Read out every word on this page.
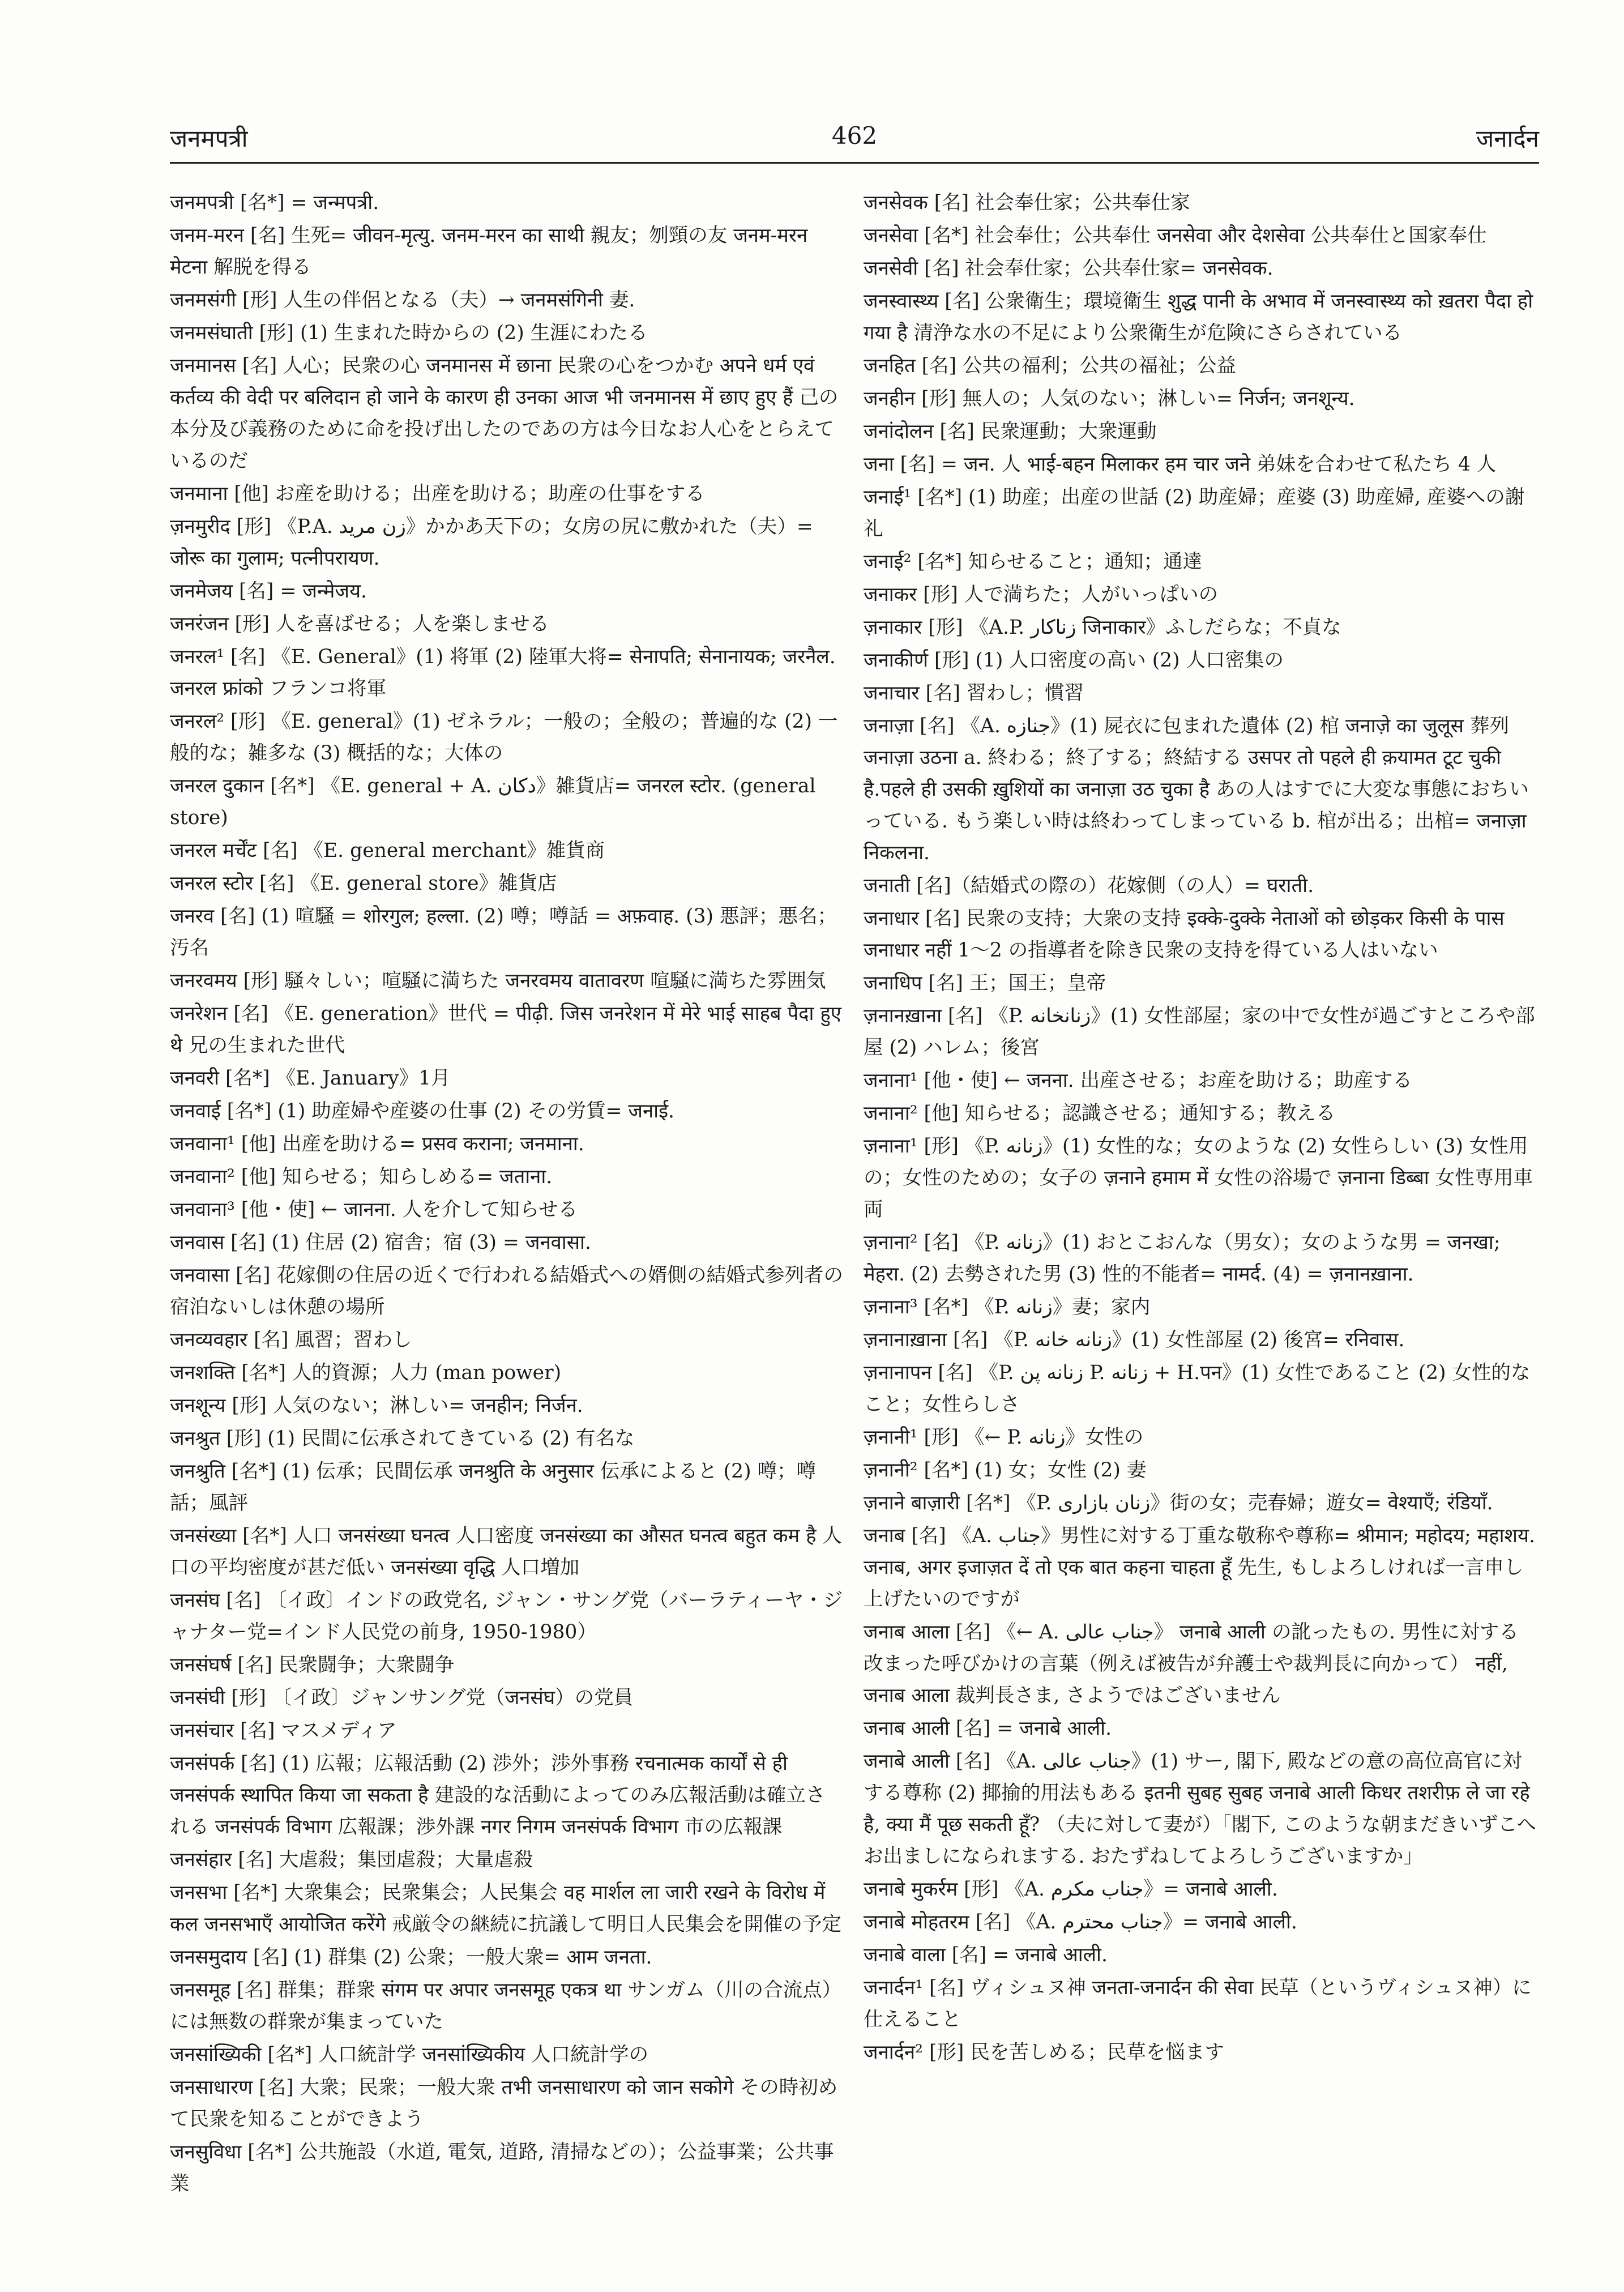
जनमपत्री	462	जनार्दन

जनमपत्री [名*] = जन्मपत्री.

जनम-मरन [名] 生死= जीवन-मृत्यु. जनम-मरन का साथी 親友；刎頸の友 जनम-मरन मेटना 解脱を得る

जनमसंगी [形] 人生の伴侶となる（夫）→ जनमसंगिनी 妻.

जनमसंघाती [形] (1) 生まれた時からの (2) 生涯にわたる

जनमानस [名] 人心；民衆の心 जनमानस में छाना 民衆の心をつかむ अपने धर्म एवं कर्तव्य की वेदी पर बलिदान हो जाने के कारण ही उनका आज भी जनमानस में छाए हुए हैं 己の本分及び義務のために命を投げ出したのであの方は今日なお人心をとらえているのだ

जनमाना [他] お産を助ける；出産を助ける；助産の仕事をする

ज़नमुरीद [形] 《P.A. زن مرید》かかあ天下の；女房の尻に敷かれた（夫）= जोरू का गुलाम; पत्नीपरायण.

जनमेजय [名] = जन्मेजय.

जनरंजन [形] 人を喜ばせる；人を楽しませる

जनरल¹ [名] 《E. General》(1) 将軍 (2) 陸軍大将= सेनापति; सेनानायक; जरनैल. जनरल फ्रांको フランコ将軍

जनरल² [形] 《E. general》(1) ゼネラル；一般の；全般の；普遍的な (2) 一般的な；雑多な (3) 概括的な；大体の

जनरल दुकान [名*] 《E. general + A. دکان》雑貨店= जनरल स्टोर. (general store)

जनरल मर्चेंट [名] 《E. general merchant》雑貨商

जनरल स्टोर [名] 《E. general store》雑貨店

जनरव [名] (1) 喧騒 = शोरगुल; हल्ला. (2) 噂；噂話 = अफ़वाह. (3) 悪評；悪名；汚名

जनरवमय [形] 騒々しい；喧騒に満ちた जनरवमय वातावरण 喧騒に満ちた雰囲気

जनरेशन [名] 《E. generation》世代 = पीढ़ी. जिस जनरेशन में मेरे भाई साहब पैदा हुए थे 兄の生まれた世代

जनवरी [名*] 《E. January》1月

जनवाई [名*] (1) 助産婦や産婆の仕事 (2) その労賃= जनाई.

जनवाना¹ [他] 出産を助ける= प्रसव कराना; जनमाना.

जनवाना² [他] 知らせる；知らしめる= जताना.

जनवाना³ [他・使] ← जानना. 人を介して知らせる

जनवास [名] (1) 住居 (2) 宿舎；宿 (3) = जनवासा.

जनवासा [名] 花嫁側の住居の近くで行われる結婚式への婿側の結婚式参列者の宿泊ないしは休憩の場所

जनव्यवहार [名] 風習；習わし

जनशक्ति [名*] 人的資源；人力 (man power)

जनशून्य [形] 人気のない；淋しい= जनहीन; निर्जन.

जनश्रुत [形] (1) 民間に伝承されてきている (2) 有名な

जनश्रुति [名*] (1) 伝承；民間伝承 जनश्रुति के अनुसार 伝承によると (2) 噂；噂話；風評

जनसंख्या [名*] 人口 जनसंख्या घनत्व 人口密度 जनसंख्या का औसत घनत्व बहुत कम है 人口の平均密度が甚だ低い जनसंख्या वृद्धि 人口増加

जनसंघ [名] 〔イ政〕インドの政党名, ジャン・サング党（バーラティーヤ・ジャナター党=インド人民党の前身, 1950-1980）

जनसंघर्ष [名] 民衆闘争；大衆闘争

जनसंघी [形] 〔イ政〕ジャンサング党（जनसंघ）の党員

जनसंचार [名] マスメディア

जनसंपर्क [名] (1) 広報；広報活動 (2) 渉外；渉外事務 रचनात्मक कार्यों से ही जनसंपर्क स्थापित किया जा सकता है 建設的な活動によってのみ広報活動は確立される जनसंपर्क विभाग 広報課；渉外課 नगर निगम जनसंपर्क विभाग 市の広報課

जनसंहार [名] 大虐殺；集団虐殺；大量虐殺

जनसभा [名*] 大衆集会；民衆集会；人民集会 वह मार्शल ला जारी रखने के विरोध में कल जनसभाएँ आयोजित करेंगे 戒厳令の継続に抗議して明日人民集会を開催の予定

जनसमुदाय [名] (1) 群集 (2) 公衆；一般大衆= आम जनता.

जनसमूह [名] 群集；群衆 संगम पर अपार जनसमूह एकत्र था サンガム（川の合流点）には無数の群衆が集まっていた

जनसांख्यिकी [名*] 人口統計学 जनसांख्यिकीय 人口統計学の

जनसाधारण [名] 大衆；民衆；一般大衆 तभी जनसाधारण को जान सकोगे その時初めて民衆を知ることができよう

जनसुविधा [名*] 公共施設（水道, 電気, 道路, 清掃などの）；公益事業；公共事業

जनसेवक [名] 社会奉仕家；公共奉仕家

जनसेवा [名*] 社会奉仕；公共奉仕 जनसेवा और देशसेवा 公共奉仕と国家奉仕

जनसेवी [名] 社会奉仕家；公共奉仕家= जनसेवक.

जनस्वास्थ्य [名] 公衆衛生；環境衛生 शुद्ध पानी के अभाव में जनस्वास्थ्य को ख़तरा पैदा हो गया है 清浄な水の不足により公衆衛生が危険にさらされている

जनहित [名] 公共の福利；公共の福祉；公益

जनहीन [形] 無人の；人気のない；淋しい= निर्जन; जनशून्य.

जनांदोलन [名] 民衆運動；大衆運動

जना [名] = जन. 人 भाई-बहन मिलाकर हम चार जने 弟妹を合わせて私たち 4 人

जनाई¹ [名*] (1) 助産；出産の世話 (2) 助産婦；産婆 (3) 助産婦, 産婆への謝礼

जनाई² [名*] 知らせること；通知；通達

जनाकर [形] 人で満ちた；人がいっぱいの

ज़नाकार [形] 《A.P. زناکار जिनाकार》ふしだらな；不貞な

जनाकीर्ण [形] (1) 人口密度の高い (2) 人口密集の

जनाचार [名] 習わし；慣習

जनाज़ा [名] 《A. جنازه》(1) 屍衣に包まれた遺体 (2) 棺 जनाज़े का जुलूस 葬列 जनाज़ा उठना a. 終わる；終了する；終結する उसपर तो पहले ही क़यामत टूट चुकी है.पहले ही उसकी ख़ुशियों का जनाज़ा उठ चुका है あの人はすでに大変な事態におちいっている. もう楽しい時は終わってしまっている b. 棺が出る；出棺= जनाज़ा निकलना.

जनाती [名]（結婚式の際の）花嫁側（の人）= घराती.

जनाधार [名] 民衆の支持；大衆の支持 इक्के-दुक्के नेताओं को छोड़कर किसी के पास जनाधार नहीं 1〜2 の指導者を除き民衆の支持を得ている人はいない

जनाधिप [名] 王；国王；皇帝

ज़नानख़ाना [名] 《P. زنانخانه》(1) 女性部屋；家の中で女性が過ごすところや部屋 (2) ハレム；後宮

जनाना¹ [他・使] ← जनना. 出産させる；お産を助ける；助産する

जनाना² [他] 知らせる；認識させる；通知する；教える

ज़नाना¹ [形] 《P. زنانه》(1) 女性的な；女のような (2) 女性らしい (3) 女性用の；女性のための；女子の ज़नाने हमाम में 女性の浴場で ज़नाना डिब्बा 女性専用車両

ज़नाना² [名] 《P. زنانه》(1) おとこおんな（男女）；女のような男 = जनखा; मेहरा. (2) 去勢された男 (3) 性的不能者= नामर्द. (4) = ज़नानख़ाना.

ज़नाना³ [名*] 《P. زنانه》妻；家内

ज़नानाख़ाना [名] 《P. زنانه خانه》(1) 女性部屋 (2) 後宮= रनिवास.

ज़नानापन [名] 《P. زنانه پن P. زنانه + H.पन》(1) 女性であること (2) 女性的なこと；女性らしさ

ज़नानी¹ [形] 《← P. زنانه》女性の

ज़नानी² [名*] (1) 女；女性 (2) 妻

ज़नाने बाज़ारी [名*] 《P. زنان بازاری》街の女；売春婦；遊女= वेश्याएँ; रंडियाँ.

जनाब [名] 《A. جناب》男性に対する丁重な敬称や尊称= श्रीमान; महोदय; महाशय. जनाब, अगर इजाज़त दें तो एक बात कहना चाहता हूँ 先生, もしよろしければ一言申し上げたいのですが

जनाब आला [名] 《← A. جناب عالی》 जनाबे आली の訛ったもの. 男性に対する改まった呼びかけの言葉（例えば被告が弁護士や裁判長に向かって） नहीं, जनाब आला 裁判長さま, さようではございません

जनाब आली [名] = जनाबे आली.

जनाबे आली [名] 《A. جناب عالی》(1) サー, 閣下, 殿などの意の高位高官に対する尊称 (2) 揶揄的用法もある इतनी सुबह सुबह जनाबे आली किधर तशरीफ़ ले जा रहे है, क्या मैं पूछ सकती हूँ? （夫に対して妻が）「閣下, このような朝まだきいずこへお出ましになられまする. おたずねしてよろしうございますか」

जनाबे मुकर्रम [形] 《A. جناب مکرم》= जनाबे आली.

जनाबे मोहतरम [名] 《A. جناب محترم》= जनाबे आली.

जनाबे वाला [名] = जनाबे आली.

जनार्दन¹ [名] ヴィシュヌ神 जनता-जनार्दन की सेवा 民草（というヴィシュヌ神）に仕えること

जनार्दन² [形] 民を苦しめる；民草を悩ます
